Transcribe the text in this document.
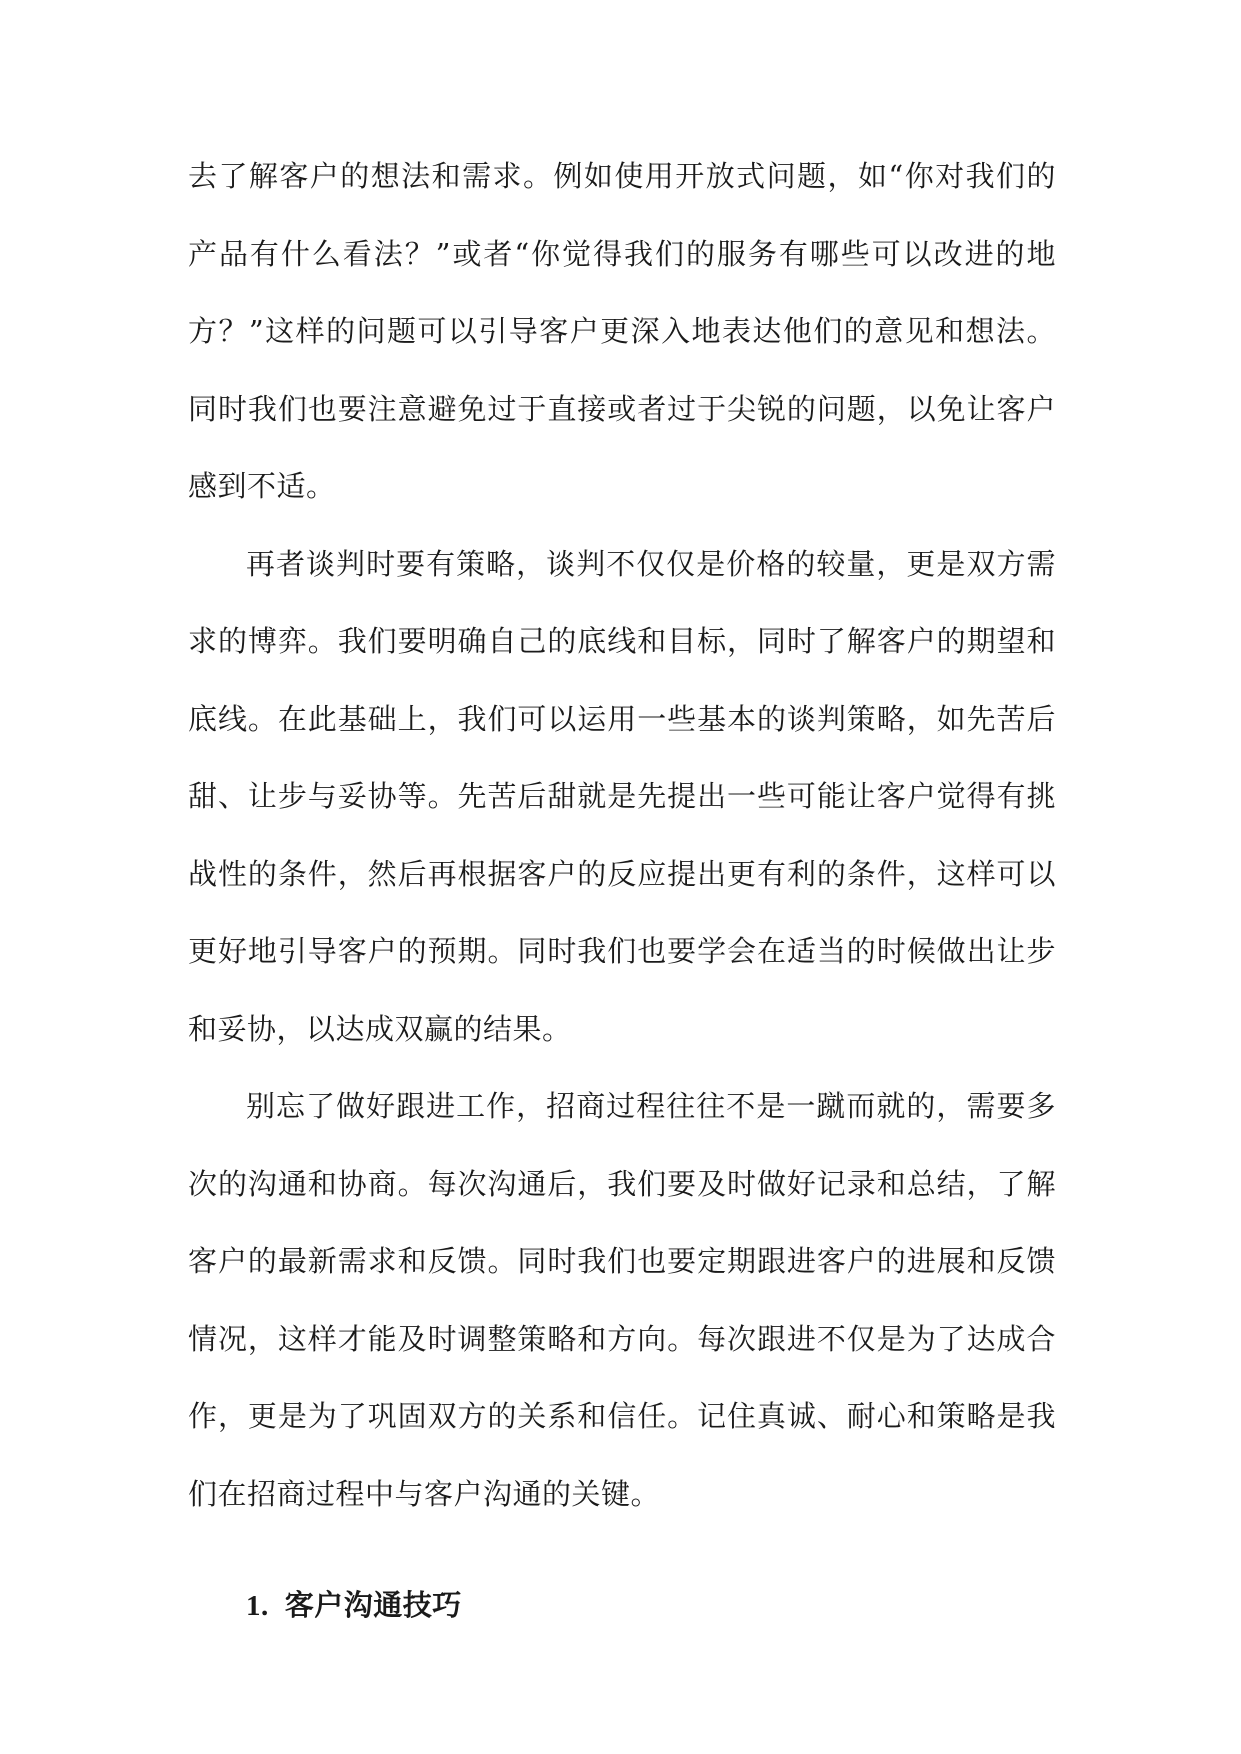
去了解客户的想法和需求。例如使用开放式问题，如“你对我们的产品有什么看法？”或者“你觉得我们的服务有哪些可以改进的地方？”这样的问题可以引导客户更深入地表达他们的意见和想法。同时我们也要注意避免过于直接或者过于尖锐的问题，以免让客户感到不适。

再者谈判时要有策略，谈判不仅仅是价格的较量，更是双方需求的博弈。我们要明确自己的底线和目标，同时了解客户的期望和底线。在此基础上，我们可以运用一些基本的谈判策略，如先苦后甜、让步与妥协等。先苦后甜就是先提出一些可能让客户觉得有挑战性的条件，然后再根据客户的反应提出更有利的条件，这样可以更好地引导客户的预期。同时我们也要学会在适当的时候做出让步和妥协，以达成双赢的结果。

别忘了做好跟进工作，招商过程往往不是一蹴而就的，需要多次的沟通和协商。每次沟通后，我们要及时做好记录和总结，了解客户的最新需求和反馈。同时我们也要定期跟进客户的进展和反馈情况，这样才能及时调整策略和方向。每次跟进不仅是为了达成合作，更是为了巩固双方的关系和信任。记住真诚、耐心和策略是我们在招商过程中与客户沟通的关键。

1. 客户沟通技巧
